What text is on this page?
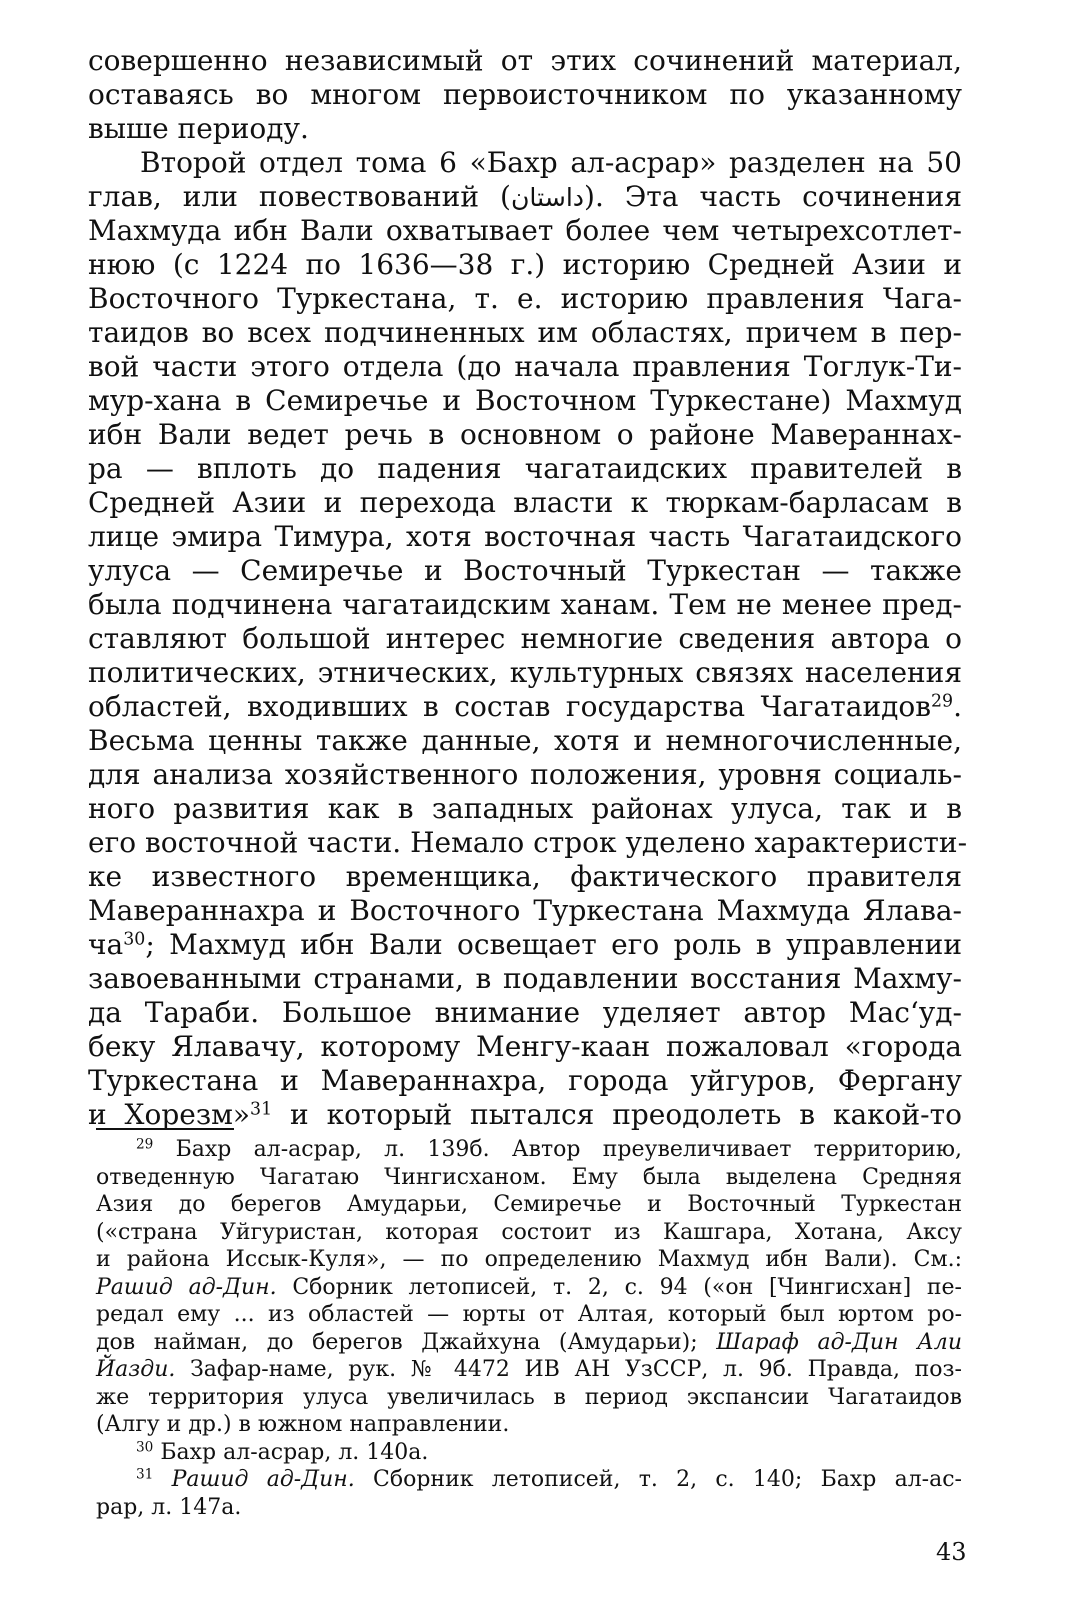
совершенно независимый от этих сочинений материал,
оставаясь во многом первоисточником по указанному
выше периоду.
Второй отдел тома 6 «Бахр ал-асрар» разделен на 50
глав, или повествований (داستان). Эта часть сочинения
Махмуда ибн Вали охватывает более чем четырехсотлет-
нюю (с 1224 по 1636—38 г.) историю Средней Азии и
Восточного Туркестана, т. е. историю правления Чага-
таидов во всех подчиненных им областях, причем в пер-
вой части этого отдела (до начала правления Тоглук-Ти-
мур-хана в Семиречье и Восточном Туркестане) Махмуд
ибн Вали ведет речь в основном о районе Мавераннах-
ра — вплоть до падения чагатаидских правителей в
Средней Азии и перехода власти к тюркам-барласам в
лице эмира Тимура, хотя восточная часть Чагатаидского
улуса — Семиречье и Восточный Туркестан — также
была подчинена чагатаидским ханам. Тем не менее пред-
ставляют большой интерес немногие сведения автора о
политических, этнических, культурных связях населения
областей, входивших в состав государства Чагатаидов$^{29}$.
Весьма ценны также данные, хотя и немногочисленные,
для анализа хозяйственного положения, уровня социаль-
ного развития как в западных районах улуса, так и в
его восточной части. Немало строк уделено характеристи-
ке известного временщика, фактического правителя
Мавераннахра и Восточного Туркестана Махмуда Ялава-
$ча^{30}$; Махмуд ибн Вали освещает его роль в управлении
завоеванными странами, в подавлении восстания Махму-
да Тараби. Большое внимание уделяет автор Мас‘уд-
беку Ялавачу, которому Менгу-каан пожаловал «города
Туркестана и Мавераннахра, города уйгуров, Фергану
и Хорезм»$^{31}$ и который пытался преодолеть в какой-то
$^{29}$ Бахр ал-асрар, л. 139б. Автор преувеличивает территорию,
отведенную Чагатаю Чингисханом. Ему была выделена Средняя
Азия до берегов Амударьи, Семиречье и Восточный Туркестан
(«страна Уйгуристан, которая состоит из Кашгара, Хотана, Аксу
и района Иссык-Куля», — по определению Махмуд ибн Вали). См.:
Рашид ад-Дин. Сборник летописей, т. 2, с. 94 («он [Чингисхан] пе-
редал ему ... из областей — юрты от Алтая, который был юртом ро-
дов найман, до берегов Джайхуна (Амударьи); Шараф ад-Дин Али
Йазди. Зафар-наме, рук. № 4472 ИВ АН УзССР, л. 9б. Правда, поз-
же территория улуса увеличилась в период экспансии Чагатаидов
(Алгу и др.) в южном направлении.
$^{30}$ Бахр ал-асрар, л. 140а.
$^{31}$ Рашид ад-Дин. Сборник летописей, т. 2, с. 140; Бахр ал-ас-
рар, л. 147а.
43
